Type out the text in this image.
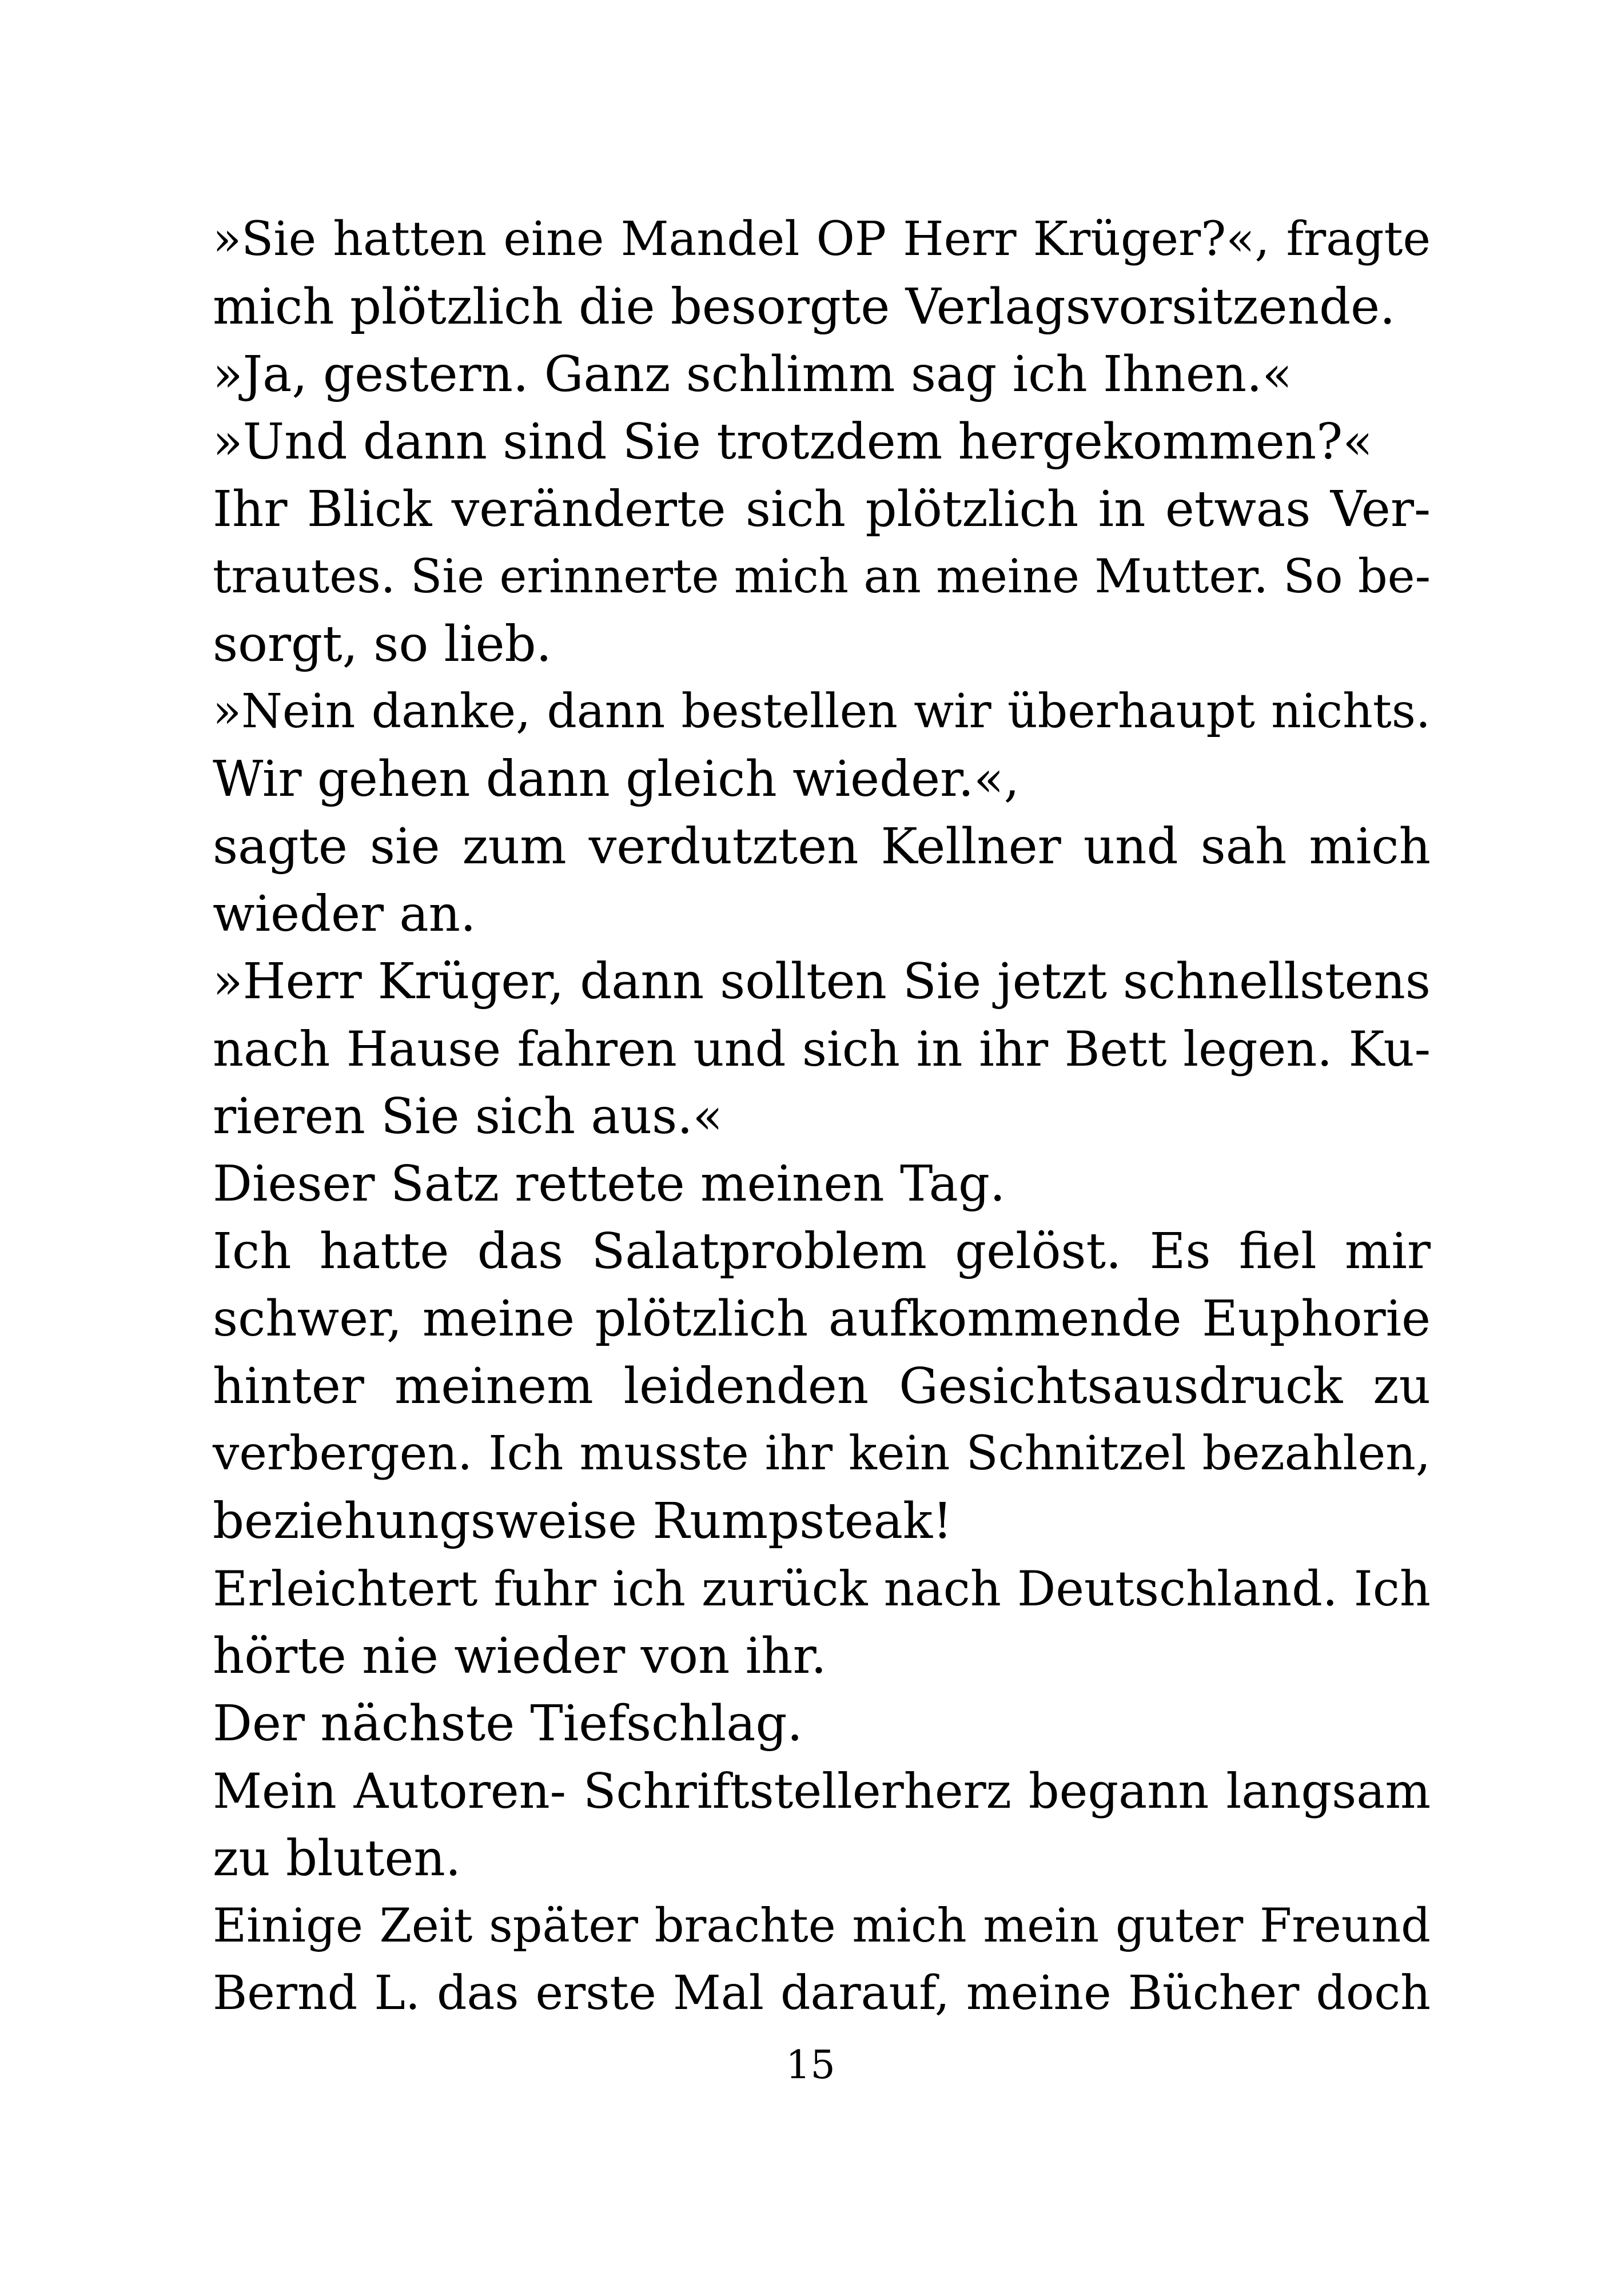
»Sie hatten eine Mandel OP Herr Krüger?«, fragte
mich plötzlich die besorgte Verlagsvorsitzende.
»Ja, gestern. Ganz schlimm sag ich Ihnen.«
»Und dann sind Sie trotzdem hergekommen?«
Ihr Blick veränderte sich plötzlich in etwas Ver-
trautes. Sie erinnerte mich an meine Mutter. So be-
sorgt, so lieb.
»Nein danke, dann bestellen wir überhaupt nichts.
Wir gehen dann gleich wieder.«,
sagte sie zum verdutzten Kellner und sah mich
wieder an.
»Herr Krüger, dann sollten Sie jetzt schnellstens
nach Hause fahren und sich in ihr Bett legen. Ku-
rieren Sie sich aus.«
Dieser Satz rettete meinen Tag.
Ich hatte das Salatproblem gelöst. Es fiel mir
schwer, meine plötzlich aufkommende Euphorie
hinter meinem leidenden Gesichtsausdruck zu
verbergen. Ich musste ihr kein Schnitzel bezahlen,
beziehungsweise Rumpsteak!
Erleichtert fuhr ich zurück nach Deutschland. Ich
hörte nie wieder von ihr.
Der nächste Tiefschlag.
Mein Autoren- Schriftstellerherz begann langsam
zu bluten.
Einige Zeit später brachte mich mein guter Freund
Bernd L. das erste Mal darauf, meine Bücher doch
15
